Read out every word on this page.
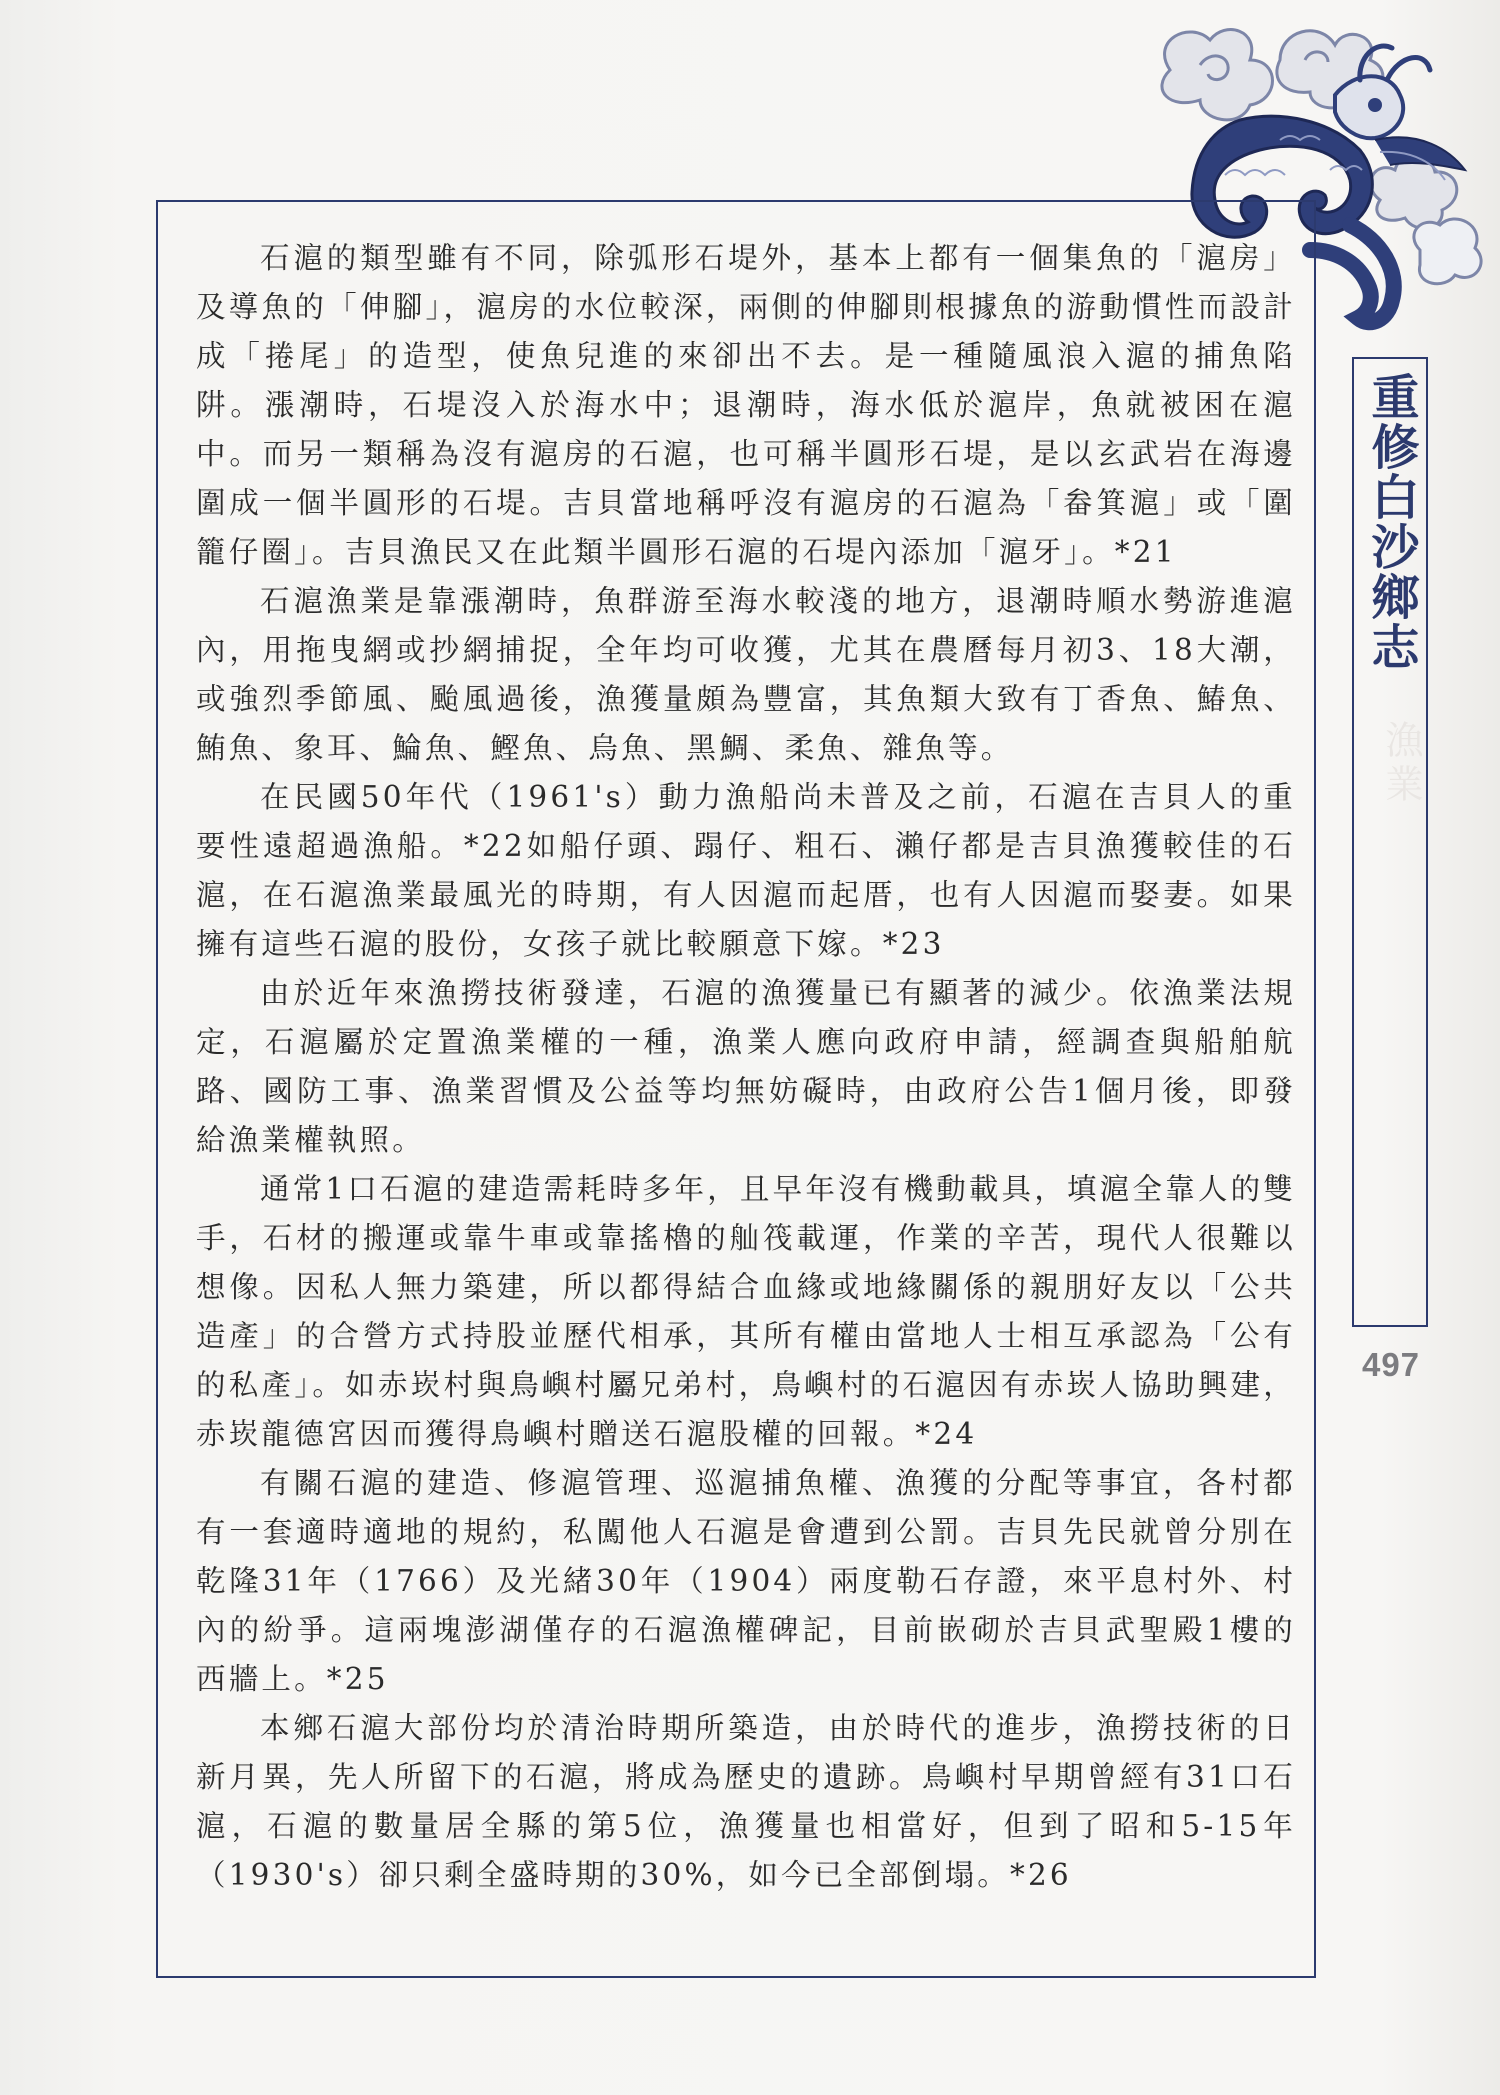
石滬的類型雖有不同，除弧形石堤外，基本上都有一個集魚的「滬房」及導魚的「伸腳」，滬房的水位較深，兩側的伸腳則根據魚的游動慣性而設計成「捲尾」的造型，使魚兒進的來卻出不去。是一種隨風浪入滬的捕魚陷阱。漲潮時，石堤沒入於海水中；退潮時，海水低於滬岸，魚就被困在滬中。而另一類稱為沒有滬房的石滬，也可稱半圓形石堤，是以玄武岩在海邊圍成一個半圓形的石堤。吉貝當地稱呼沒有滬房的石滬為「畚箕滬」或「圍籠仔圈」。吉貝漁民又在此類半圓形石滬的石堤內添加「滬牙」。*21

石滬漁業是靠漲潮時，魚群游至海水較淺的地方，退潮時順水勢游進滬內，用拖曳網或抄網捕捉，全年均可收獲，尤其在農曆每月初3、18大潮，或強烈季節風、颱風過後，漁獲量頗為豐富，其魚類大致有丁香魚、鰆魚、鮪魚、象耳、鯩魚、鰹魚、烏魚、黑鯛、柔魚、雜魚等。

在民國50年代（1961's）動力漁船尚未普及之前，石滬在吉貝人的重要性遠超過漁船。*22如船仔頭、蹋仔、粗石、瀨仔都是吉貝漁獲較佳的石滬，在石滬漁業最風光的時期，有人因滬而起厝，也有人因滬而娶妻。如果擁有這些石滬的股份，女孩子就比較願意下嫁。*23

由於近年來漁撈技術發達，石滬的漁獲量已有顯著的減少。依漁業法規定，石滬屬於定置漁業權的一種，漁業人應向政府申請，經調查與船舶航路、國防工事、漁業習慣及公益等均無妨礙時，由政府公告1個月後，即發給漁業權執照。

通常1口石滬的建造需耗時多年，且早年沒有機動載具，填滬全靠人的雙手，石材的搬運或靠牛車或靠搖櫓的舢筏載運，作業的辛苦，現代人很難以想像。因私人無力築建，所以都得結合血緣或地緣關係的親朋好友以「公共造產」的合營方式持股並歷代相承，其所有權由當地人士相互承認為「公有的私產」。如赤崁村與鳥嶼村屬兄弟村，鳥嶼村的石滬因有赤崁人協助興建，赤崁龍德宮因而獲得鳥嶼村贈送石滬股權的回報。*24

有關石滬的建造、修滬管理、巡滬捕魚權、漁獲的分配等事宜，各村都有一套適時適地的規約，私闖他人石滬是會遭到公罰。吉貝先民就曾分別在乾隆31年（1766）及光緒30年（1904）兩度勒石存證，來平息村外、村內的紛爭。這兩塊澎湖僅存的石滬漁權碑記，目前嵌砌於吉貝武聖殿1樓的西牆上。*25

本鄉石滬大部份均於清治時期所築造，由於時代的進步，漁撈技術的日新月異，先人所留下的石滬，將成為歷史的遺跡。鳥嶼村早期曾經有31口石滬，石滬的數量居全縣的第5位，漁獲量也相當好，但到了昭和5-15年（1930's）卻只剩全盛時期的30%，如今已全部倒塌。*26

重修白沙鄉志
漁業
497
